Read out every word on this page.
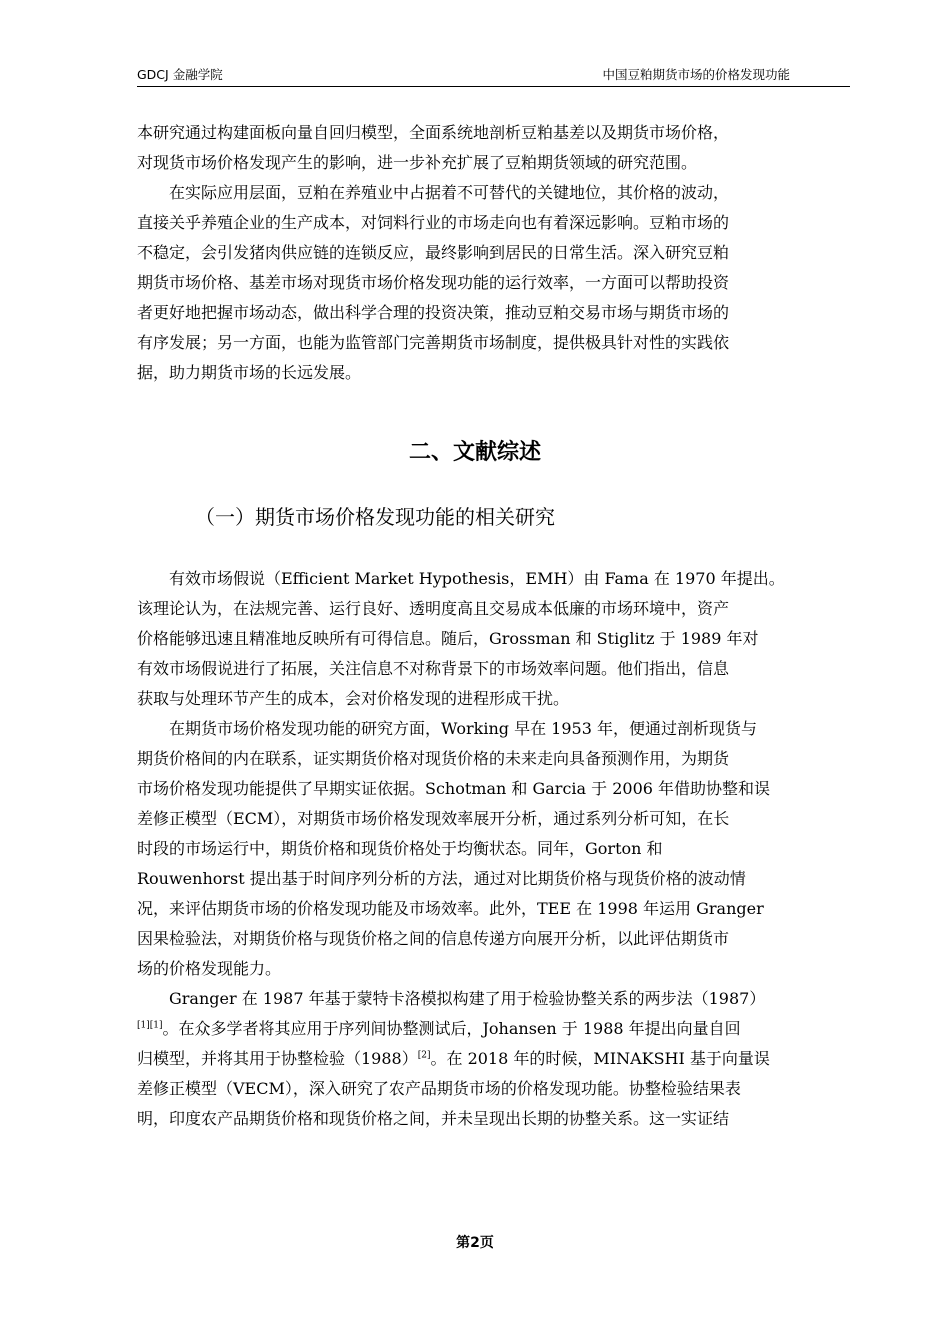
GDCJ 金融学院	中国豆粕期货市场的价格发现功能

本研究通过构建面板向量自回归模型，全面系统地剖析豆粕基差以及期货市场价格，
对现货市场价格发现产生的影响，进一步补充扩展了豆粕期货领域的研究范围。

在实际应用层面，豆粕在养殖业中占据着不可替代的关键地位，其价格的波动，
直接关乎养殖企业的生产成本，对饲料行业的市场走向也有着深远影响。豆粕市场的
不稳定，会引发猪肉供应链的连锁反应，最终影响到居民的日常生活。深入研究豆粕
期货市场价格、基差市场对现货市场价格发现功能的运行效率，一方面可以帮助投资
者更好地把握市场动态，做出科学合理的投资决策，推动豆粕交易市场与期货市场的
有序发展；另一方面，也能为监管部门完善期货市场制度，提供极具针对性的实践依
据，助力期货市场的长远发展。

二、文献综述
（一）期货市场价格发现功能的相关研究

有效市场假说（Efficient Market Hypothesis，EMH）由 Fama 在 1970 年提出。
该理论认为，在法规完善、运行良好、透明度高且交易成本低廉的市场环境中，资产
价格能够迅速且精准地反映所有可得信息。随后，Grossman 和 Stiglitz 于 1989 年对
有效市场假说进行了拓展，关注信息不对称背景下的市场效率问题。他们指出，信息
获取与处理环节产生的成本，会对价格发现的进程形成干扰。

在期货市场价格发现功能的研究方面，Working 早在 1953 年，便通过剖析现货与
期货价格间的内在联系，证实期货价格对现货价格的未来走向具备预测作用，为期货
市场价格发现功能提供了早期实证依据。Schotman 和 Garcia 于 2006 年借助协整和误
差修正模型（ECM），对期货市场价格发现效率展开分析，通过系列分析可知，在长
时段的市场运行中，期货价格和现货价格处于均衡状态。同年，Gorton 和
Rouwenhorst 提出基于时间序列分析的方法，通过对比期货价格与现货价格的波动情
况，来评估期货市场的价格发现功能及市场效率。此外，TEE 在 1998 年运用 Granger
因果检验法，对期货价格与现货价格之间的信息传递方向展开分析，以此评估期货市
场的价格发现能力。

Granger 在 1987 年基于蒙特卡洛模拟构建了用于检验协整关系的两步法（1987）
[1][1]。在众多学者将其应用于序列间协整测试后，Johansen 于 1988 年提出向量自回
归模型，并将其用于协整检验（1988）[2]。在 2018 年的时候，MINAKSHI 基于向量误
差修正模型（VECM），深入研究了农产品期货市场的价格发现功能。协整检验结果表
明，印度农产品期货价格和现货价格之间，并未呈现出长期的协整关系。这一实证结

第2页
